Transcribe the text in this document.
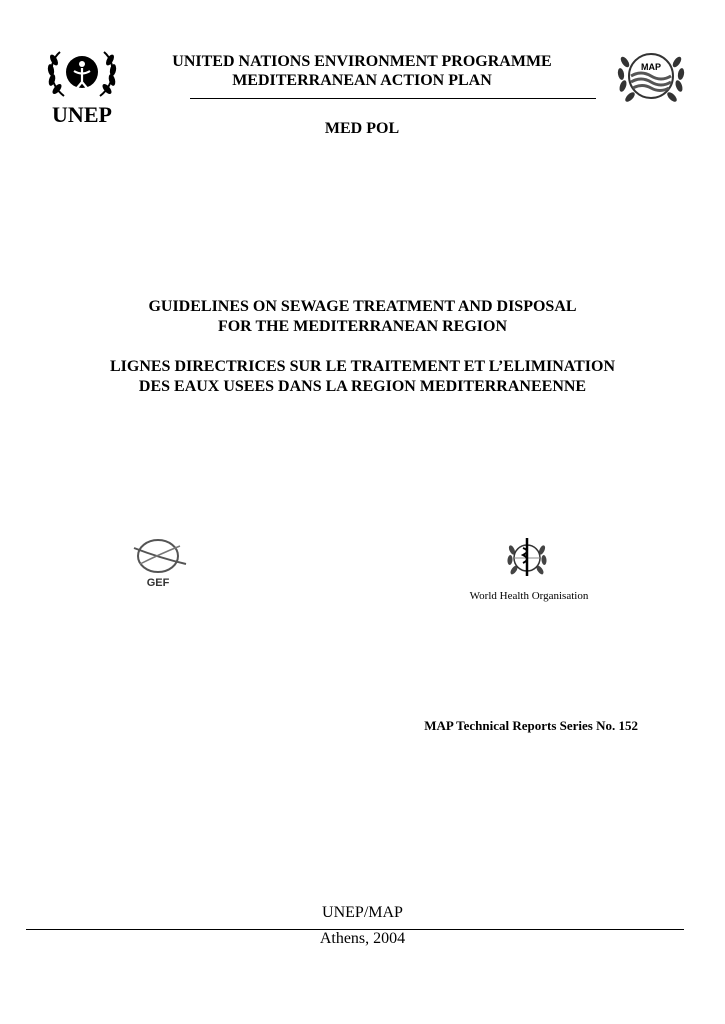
UNEP
UNITED NATIONS ENVIRONMENT PROGRAMME
MEDITERRANEAN ACTION PLAN
MED POL
MAP
GUIDELINES ON SEWAGE TREATMENT AND DISPOSAL
FOR THE MEDITERRANEAN REGION
LIGNES DIRECTRICES SUR LE TRAITEMENT ET L’ELIMINATION
DES EAUX USEES DANS LA REGION MEDITERRANEENNE
GEF
World Health Organisation
MAP Technical Reports Series No. 152
UNEP/MAP
Athens, 2004
